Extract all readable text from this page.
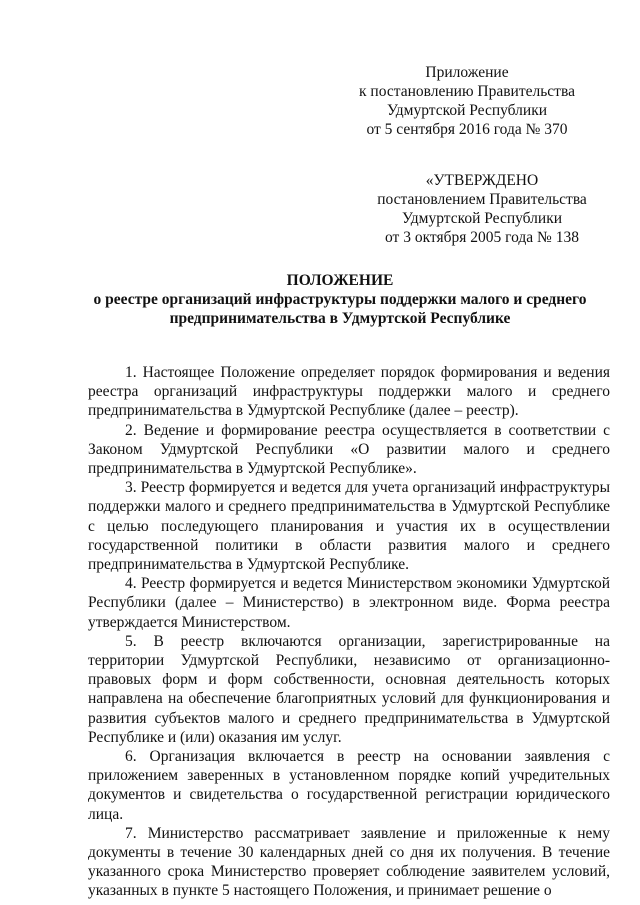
Приложение
к постановлению Правительства
Удмуртской Республики
от 5 сентября 2016 года № 370
«УТВЕРЖДЕНО
постановлением Правительства
Удмуртской Республики
от 3 октября 2005 года № 138
ПОЛОЖЕНИЕ
о реестре организаций инфраструктуры поддержки малого и среднего
предпринимательства в Удмуртской Республике

1. Настоящее Положение определяет порядок формирования и ведения реестра организаций инфраструктуры поддержки малого и среднего предпринимательства в Удмуртской Республике (далее – реестр).

2. Ведение и формирование реестра осуществляется в соответствии с Законом Удмуртской Республики «О развитии малого и среднего предпринимательства в Удмуртской Республике».

3. Реестр формируется и ведется для учета организаций инфраструктуры поддержки малого и среднего предпринимательства в Удмуртской Республике с целью последующего планирования и участия их в осуществлении государственной политики в области развития малого и среднего предпринимательства в Удмуртской Республике.

4. Реестр формируется и ведется Министерством экономики Удмуртской Республики (далее – Министерство) в электронном виде. Форма реестра утверждается Министерством.

5. В реестр включаются организации, зарегистрированные на территории Удмуртской Республики, независимо от организационно-правовых форм и форм собственности, основная деятельность которых направлена на обеспечение благоприятных условий для функционирования и развития субъектов малого и среднего предпринимательства в Удмуртской Республике и (или) оказания им услуг.

6. Организация включается в реестр на основании заявления с приложением заверенных в установленном порядке копий учредительных документов и свидетельства о государственной регистрации юридического лица.

7. Министерство рассматривает заявление и приложенные к нему документы в течение 30 календарных дней со дня их получения. В течение указанного срока Министерство проверяет соблюдение заявителем условий, указанных в пункте 5 настоящего Положения, и принимает решение о
